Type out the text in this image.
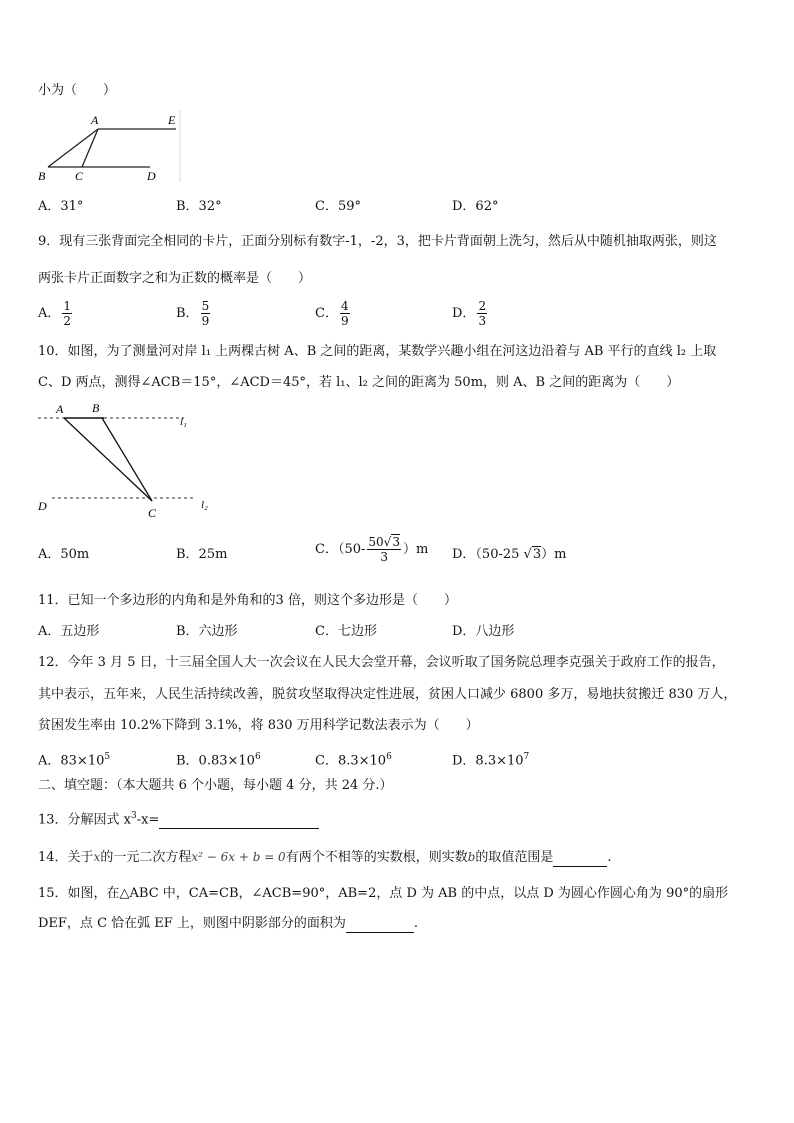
小为（　　）
A	E
B C	D
A．31°	B．32°	C．59°	D．62°
9．现有三张背面完全相同的卡片，正面分别标有数字-1，-2，3，把卡片背面朝上洗匀，然后从中随机抽取两张，则这
两张卡片正面数字之和为正数的概率是（　　）
A． $\frac{1}{2}$	B． $\frac{5}{9}$	C． $\frac{4}{9}$	D． $\frac{2}{3}$
10．如图，为了测量河对岸 l₁ 上两棵古树 A、B 之间的距离，某数学兴趣小组在河这边沿着与 AB 平行的直线 l₂ 上取
C、D 两点，测得∠ACB＝15°，∠ACD＝45°，若 l₁、l₂ 之间的距离为 50m，则 A、B 之间的距离为（　　）
A B
l₁
D	C
l₂
A．50m	B．25m	C．$(50- \frac{50√3}{3} )m$ D．（50-25 √3）m
11．已知一个多边形的内角和是外角和的3 倍，则这个多边形是（　　）
A．五边形	B．六边形	C．七边形	D．八边形
12．今年 3 月 5 日，十三届全国人大一次会议在人民大会堂开幕，会议听取了国务院总理李克强关于政府工作的报告，
其中表示，五年来，人民生活持续改善，脱贫攻坚取得决定性进展，贫困人口减少 6800 多万，易地扶贫搬迁 830 万人，
贫困发生率由 10.2%下降到 3.1%，将 830 万用科学记数法表示为（　　）
A．$83\times 10^5$	B．$0.83\times 10^6$	C．$8.3\times 10^6$	D．$8.3\times 10^7$
二、填空题：（本大题共 6 个小题，每小题 4 分，共 24 分.）
13．分解因式 $x^3-x=$
14．关于x的一元二次方程x² − 6x + b = 0有两个不相等的实数根，则实数b的取值范围是	.
15．如图，在△ABC 中，CA=CB，∠ACB=90°，AB=2，点 D 为 AB 的中点，以点 D 为圆心作圆心角为 90°的扇形
DEF，点 C 恰在弧 EF 上，则图中阴影部分的面积为	.
